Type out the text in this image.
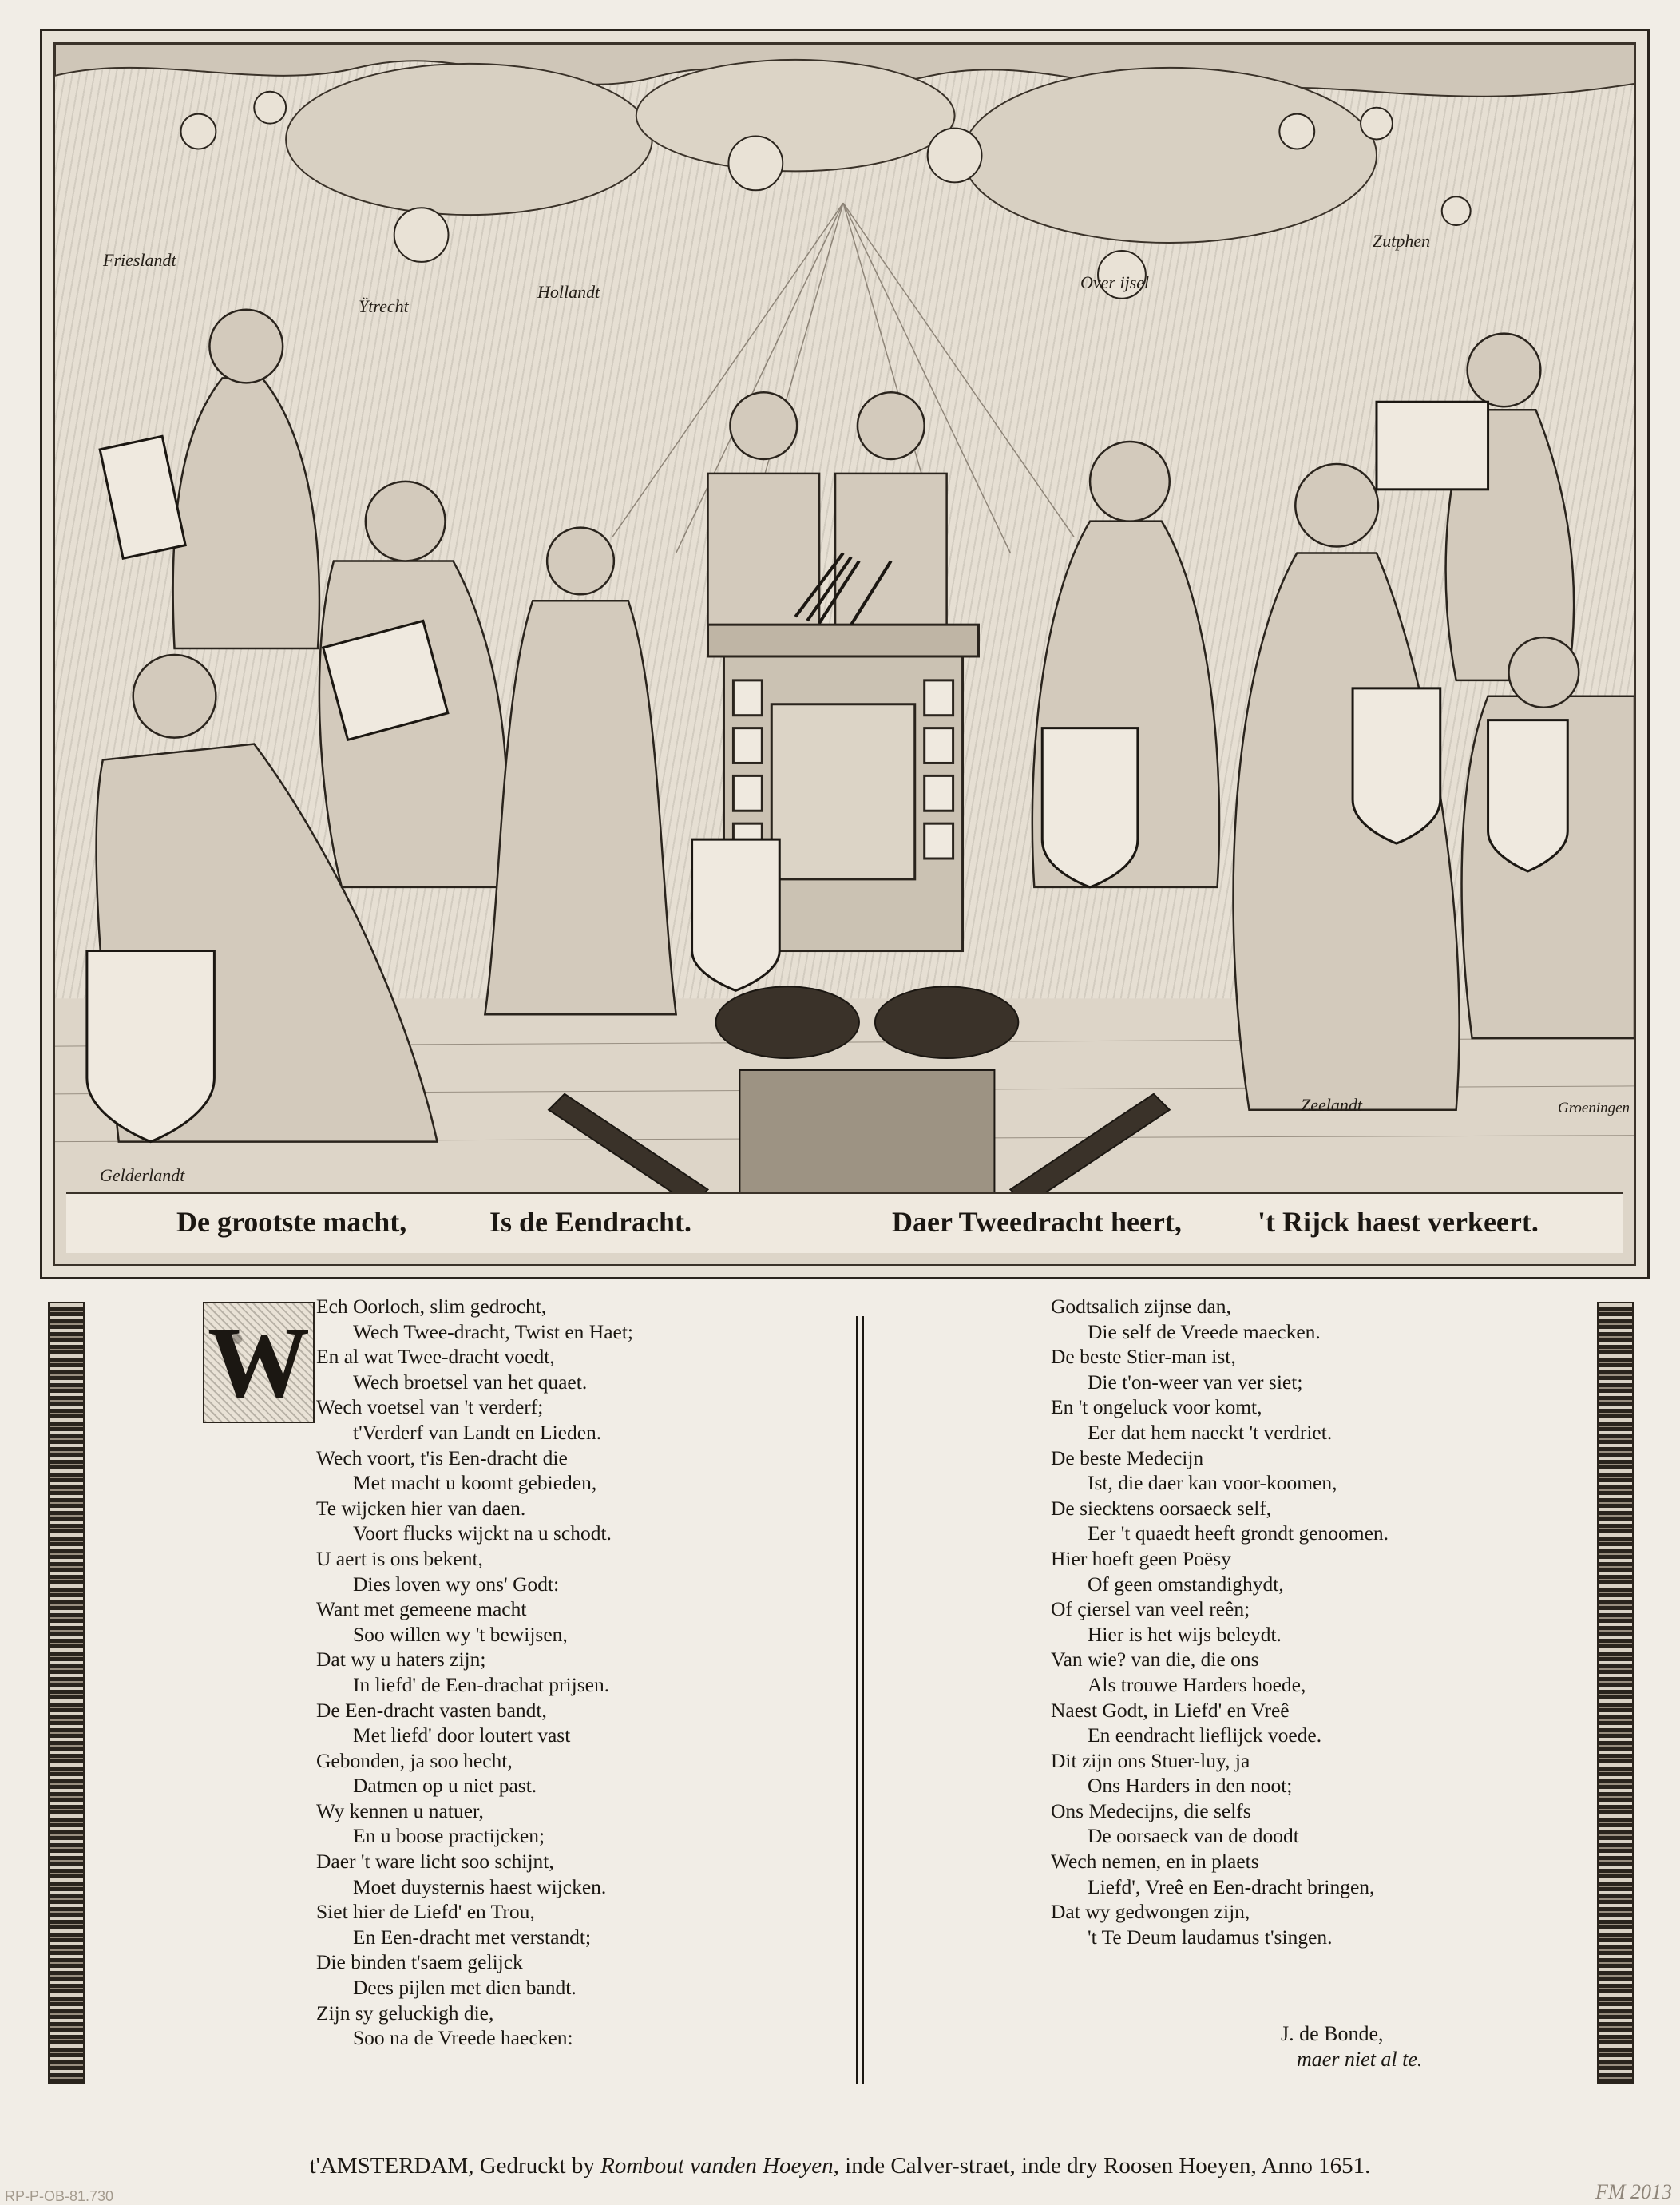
Frieslandt
Ÿtrecht
Hollandt	Over ijsel
Zutphen
Gelderlandt
Zeelandt	Groeningen
De grootste macht,	Is de Eendracht.	Daer Tweedracht heert,	't Rijck haest verkeert.
W Ech Oorloch, slim gedrocht,
Wech Twee-dracht, Twist en Haet;
En al wat Twee-dracht voedt,
Wech broetsel van het quaet.
Wech voetsel van 't verderf;
t'Verderf van Landt en Lieden.
Wech voort, t'is Een-dracht die
Met macht u koomt gebieden,
Te wijcken hier van daen.
Voort flucks wijckt na u schodt.
U aert is ons bekent,
Dies loven wy ons' Godt:
Want met gemeene macht
Soo willen wy 't bewijsen,
Dat wy u haters zijn;
In liefd' de Een-drachat prijsen.
De Een-dracht vasten bandt,
Met liefd' door loutert vast
Gebonden, ja soo hecht,
Datmen op u niet past.
Wy kennen u natuer,
En u boose practijcken;
Daer 't ware licht soo schijnt,
Moet duysternis haest wijcken.
Siet hier de Liefd' en Trou,
En Een-dracht met verstandt;
Die binden t'saem gelijck
Dees pijlen met dien bandt.
Zijn sy geluckigh die,
Soo na de Vreede haecken:
Godtsalich zijnse dan,
Die self de Vreede maecken.
De beste Stier-man ist,
Die t'on-weer van ver siet;
En 't ongeluck voor komt,
Eer dat hem naeckt 't verdriet.
De beste Medecijn
Ist, die daer kan voor-koomen,
De siecktens oorsaeck self,
Eer 't quaedt heeft grondt genoomen.
Hier hoeft geen Poësy
Of geen omstandighydt,
Of çiersel van veel reên;
Hier is het wijs beleydt.
Van wie? van die, die ons
Als trouwe Harders hoede,
Naest Godt, in Liefd' en Vreê
En eendracht lieflijck voede.
Dit zijn ons Stuer-luy, ja
Ons Harders in den noot;
Ons Medecijns, die selfs
De oorsaeck van de doodt
Wech nemen, en in plaets
Liefd', Vreê en Een-dracht bringen,
Dat wy gedwongen zijn,
't Te Deum laudamus t'singen.
J. de Bonde,
maer niet al te.
t'AMSTERDAM, Gedruckt by Rombout vanden Hoeyen, inde Calver-straet, inde dry Roosen Hoeyen, Anno 1651.
RP-P-OB-81.730	FM 2013
